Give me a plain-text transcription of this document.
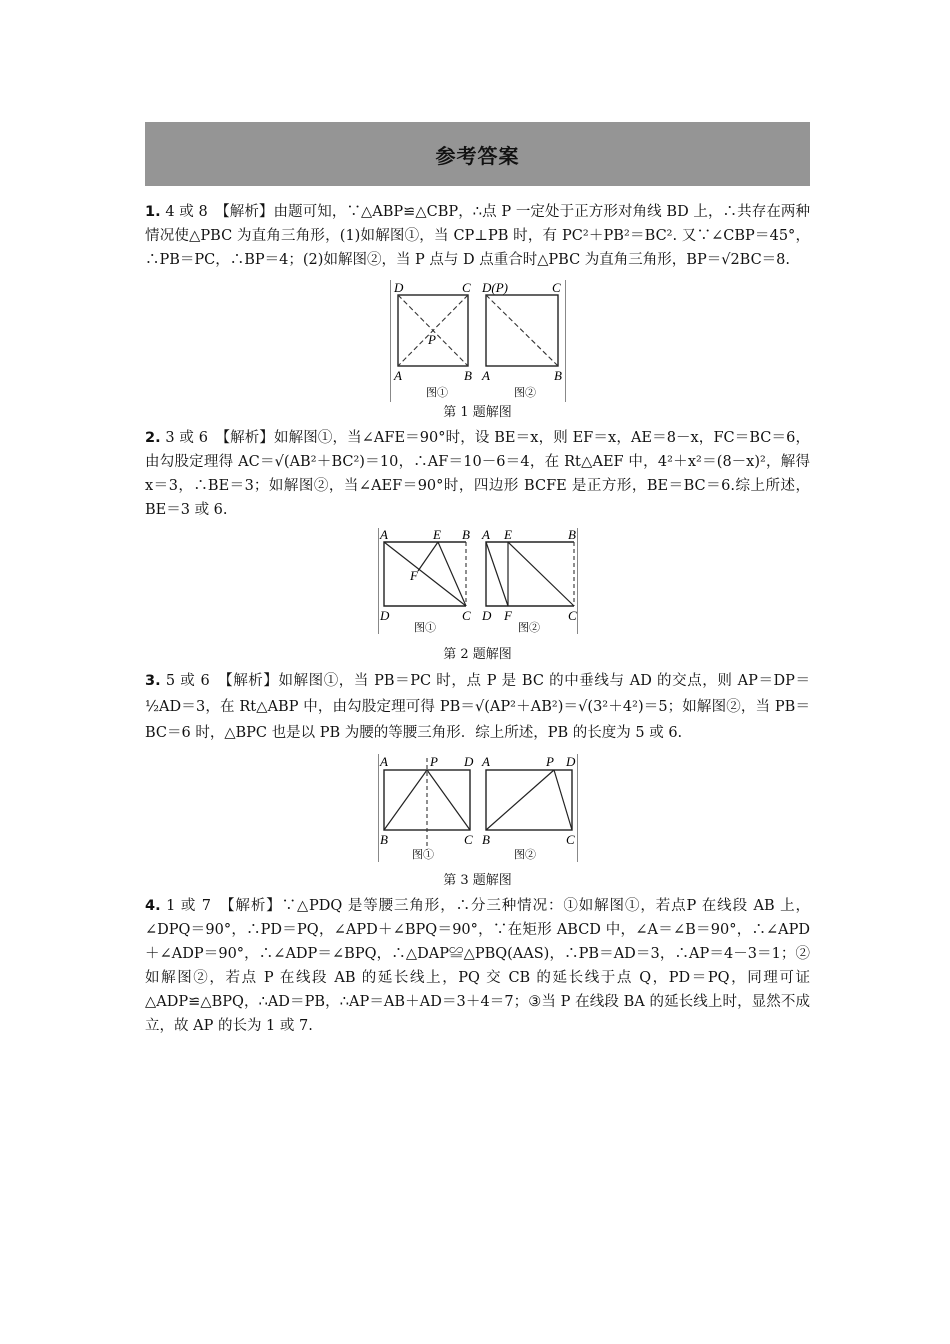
参考答案

1. 4 或 8　【解析】由题可知，∵△ABP≌△CBP，∴点 P 一定处于正方形对角线 BD 上，∴共存在两种情况使△PBC 为直角三角形，(1)如解图①，当 CP⊥PB 时，有 PC²＋PB²＝BC². 又∵∠CBP＝45°，∴PB＝PC，∴BP＝4；(2)如解图②，当 P 点与 D 点重合时△PBC 为直角三角形，BP＝√2BC＝8.

D	C
P
A	B
图①
D(P)	C
A	B
图②
第 1 题解图

2. 3 或 6　【解析】如解图①，当∠AFE＝90°时，设 BE＝x，则 EF＝x，AE＝8－x，FC＝BC＝6，由勾股定理得 AC＝√(AB²＋BC²)＝10，∴AF＝10－6＝4，在 Rt△AEF 中，4²＋x²＝(8－x)²，解得 x＝3，∴BE＝3；如解图②，当∠AEF＝90°时，四边形 BCFE 是正方形，BE＝BC＝6.综上所述，BE＝3 或 6.

A	E B
F
D	C
图①
A E	B
D F	C
图②
第 2 题解图

3. 5 或 6　【解析】如解图①，当 PB＝PC 时，点 P 是 BC 的中垂线与 AD 的交点，则 AP＝DP＝½AD＝3，在 Rt△ABP 中，由勾股定理可得 PB＝√(AP²＋AB²)＝√(3²＋4²)＝5；如解图②，当 PB＝BC＝6 时，△BPC 也是以 PB 为腰的等腰三角形．综上所述，PB 的长度为 5 或 6.

A	P D
B	C
图①
A	P D
B	C
图②
第 3 题解图

4. 1 或 7　【解析】∵△PDQ 是等腰三角形，∴分三种情况：①如解图①，若点P 在线段 AB 上，∠DPQ＝90°，∴PD＝PQ，∠APD＋∠BPQ＝90°，∵在矩形 ABCD 中，∠A＝∠B＝90°，∴∠APD＋∠ADP＝90°，∴∠ADP＝∠BPQ，∴△DAP≌△PBQ(AAS)，∴PB＝AD＝3，∴AP＝4－3＝1；②如解图②，若点 P 在线段 AB 的延长线上，PQ 交 CB 的延长线于点 Q，PD＝PQ，同理可证△ADP≌△BPQ，∴AD＝PB，∴AP＝AB＋AD＝3＋4＝7；③当 P 在线段 BA 的延长线上时，显然不成立，故 AP 的长为 1 或 7.
